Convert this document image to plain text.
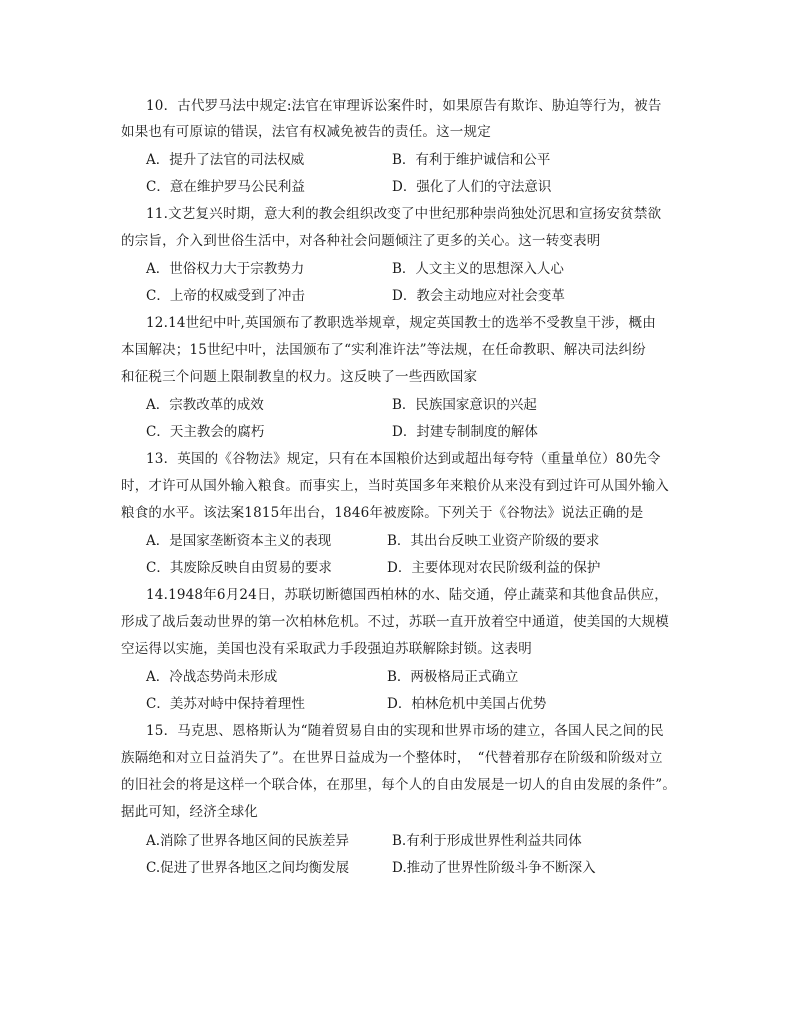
10．古代罗马法中规定:法官在审理诉讼案件时，如果原告有欺诈、胁迫等行为，被告
如果也有可原谅的错误，法官有权减免被告的责任。这一规定
A．提升了法官的司法权威	B．有利于维护诚信和公平
C．意在维护罗马公民利益	D．强化了人们的守法意识
11.文艺复兴时期，意大利的教会组织改变了中世纪那种崇尚独处沉思和宣扬安贫禁欲
的宗旨，介入到世俗生活中，对各种社会问题倾注了更多的关心。这一转变表明
A．世俗权力大于宗教势力	B．人文主义的思想深入人心
C．上帝的权威受到了冲击	D．教会主动地应对社会变革
12.14世纪中叶,英国颁布了教职选举规章，规定英国教士的选举不受教皇干涉，概由
本国解决；15世纪中叶，法国颁布了“实利准许法”等法规，在任命教职、解决司法纠纷
和征税三个问题上限制教皇的权力。这反映了一些西欧国家
A．宗教改革的成效	B．民族国家意识的兴起
C．天主教会的腐朽	D．封建专制制度的解体
13．英国的《谷物法》规定，只有在本国粮价达到或超出每夸特（重量单位）80先令
时，才许可从国外输入粮食。而事实上，当时英国多年来粮价从来没有到过许可从国外输入
粮食的水平。该法案1815年出台，1846年被废除。下列关于《谷物法》说法正确的是
A．是国家垄断资本主义的表现	B．其出台反映工业资产阶级的要求
C．其废除反映自由贸易的要求	D．主要体现对农民阶级利益的保护
14.1948年6月24日，苏联切断德国西柏林的水、陆交通，停止蔬菜和其他食品供应，
形成了战后轰动世界的第一次柏林危机。不过，苏联一直开放着空中通道，使美国的大规模
空运得以实施，美国也没有采取武力手段强迫苏联解除封锁。这表明
A．冷战态势尚未形成	B．两极格局正式确立
C．美苏对峙中保持着理性	D．柏林危机中美国占优势
15．马克思、恩格斯认为“随着贸易自由的实现和世界市场的建立，各国人民之间的民
族隔绝和对立日益消失了”。在世界日益成为一个整体时，　“代替着那存在阶级和阶级对立
的旧社会的将是这样一个联合体，在那里，每个人的自由发展是一切人的自由发展的条件”。
据此可知，经济全球化
A.消除了世界各地区间的民族差异	B.有利于形成世界性利益共同体
C.促进了世界各地区之间均衡发展	D.推动了世界性阶级斗争不断深入
